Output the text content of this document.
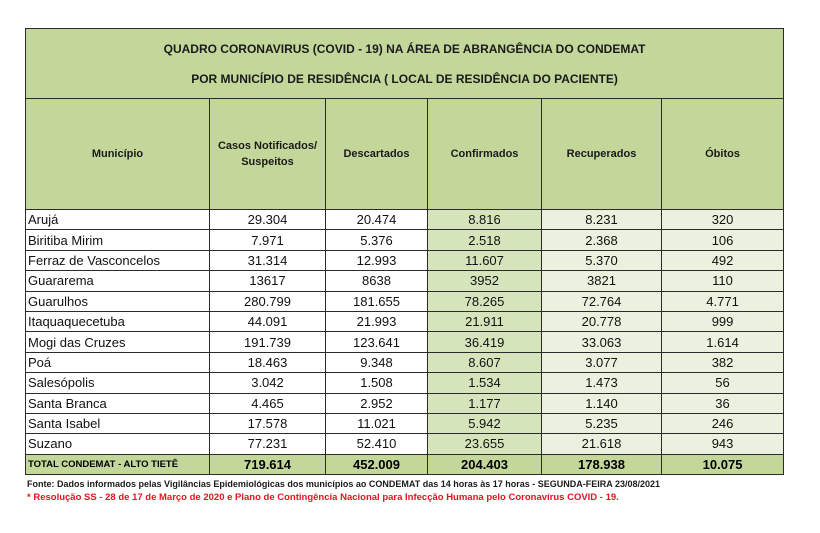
QUADRO CORONAVIRUS (COVID - 19) NA ÁREA DE ABRANGÊNCIA DO CONDEMAT
POR MUNICÍPIO DE RESIDÊNCIA ( LOCAL DE RESIDÊNCIA DO PACIENTE)					

Município	Casos Notificados/ Suspeitos	Descartados	Confirmados	Recuperados	Óbitos
Arujá	29.304	20.474	8.816	8.231	320
Biritiba Mirim	7.971	5.376	2.518	2.368	106
Ferraz de Vasconcelos	31.314	12.993	11.607	5.370	492
Guararema	13617	8638	3952	3821	110
Guarulhos	280.799	181.655	78.265	72.764	4.771
Itaquaquecetuba	44.091	21.993	21.911	20.778	999
Mogi das Cruzes	191.739	123.641	36.419	33.063	1.614
Poá	18.463	9.348	8.607	3.077	382
Salesópolis	3.042	1.508	1.534	1.473	56
Santa Branca	4.465	2.952	1.177	1.140	36
Santa Isabel	17.578	11.021	5.942	5.235	246
Suzano	77.231	52.410	23.655	21.618	943
TOTAL CONDEMAT - ALTO TIETÊ	719.614	452.009	204.403	178.938	10.075
Fonte: Dados informados pelas Vigilâncias Epidemiológicas dos municípios ao CONDEMAT das 14 horas às 17 horas - SEGUNDA-FEIRA 23/08/2021
* Resolução SS - 28 de 17 de Março de 2020 e Plano de Contingência Nacional para Infecção Humana pelo Coronavírus COVID - 19.
